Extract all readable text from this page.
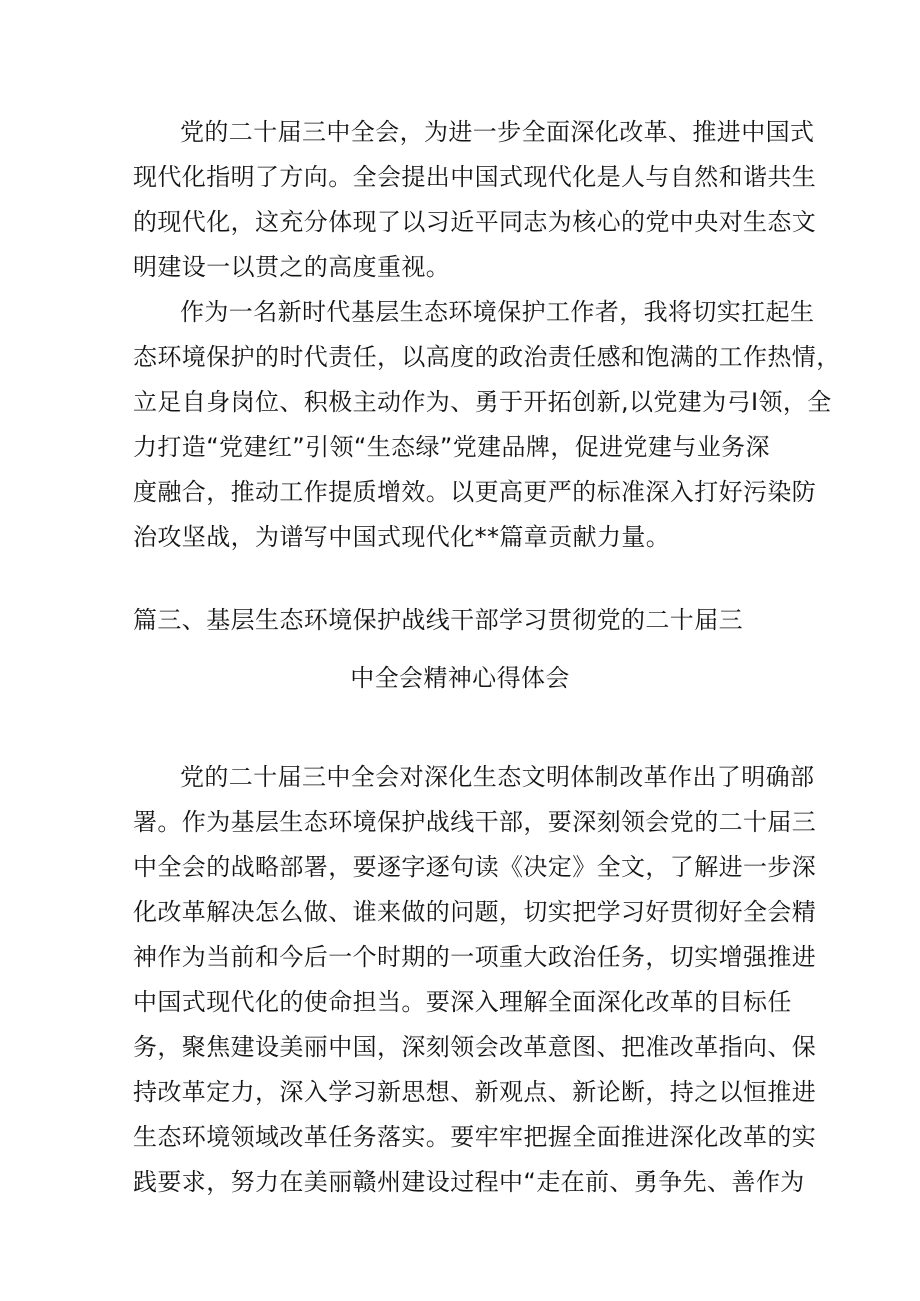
党的二十届三中全会，为进一步全面深化改革、推进中国式
现代化指明了方向。全会提出中国式现代化是人与自然和谐共生
的现代化，这充分体现了以习近平同志为核心的党中央对生态文
明建设一以贯之的高度重视。
作为一名新时代基层生态环境保护工作者，我将切实扛起生
态环境保护的时代责任，以高度的政治责任感和饱满的工作热情，
立足自身岗位、积极主动作为、勇于开拓创新,以党建为弓I领，全
力打造“党建红”引领“生态绿”党建品牌，促进党建与业务深
度融合，推动工作提质增效。以更高更严的标准深入打好污染防
治攻坚战，为谱写中国式现代化**篇章贡献力量。
篇三、基层生态环境保护战线干部学习贯彻党的二十届三
中全会精神心得体会
党的二十届三中全会对深化生态文明体制改革作出了明确部
署。作为基层生态环境保护战线干部，要深刻领会党的二十届三
中全会的战略部署，要逐字逐句读《决定》全文，了解进一步深
化改革解决怎么做、谁来做的问题，切实把学习好贯彻好全会精
神作为当前和今后一个时期的一项重大政治任务，切实增强推进
中国式现代化的使命担当。要深入理解全面深化改革的目标任
务，聚焦建设美丽中国，深刻领会改革意图、把准改革指向、保
持改革定力，深入学习新思想、新观点、新论断，持之以恒推进
生态环境领域改革任务落实。要牢牢把握全面推进深化改革的实
践要求，努力在美丽赣州建设过程中“走在前、勇争先、善作为
